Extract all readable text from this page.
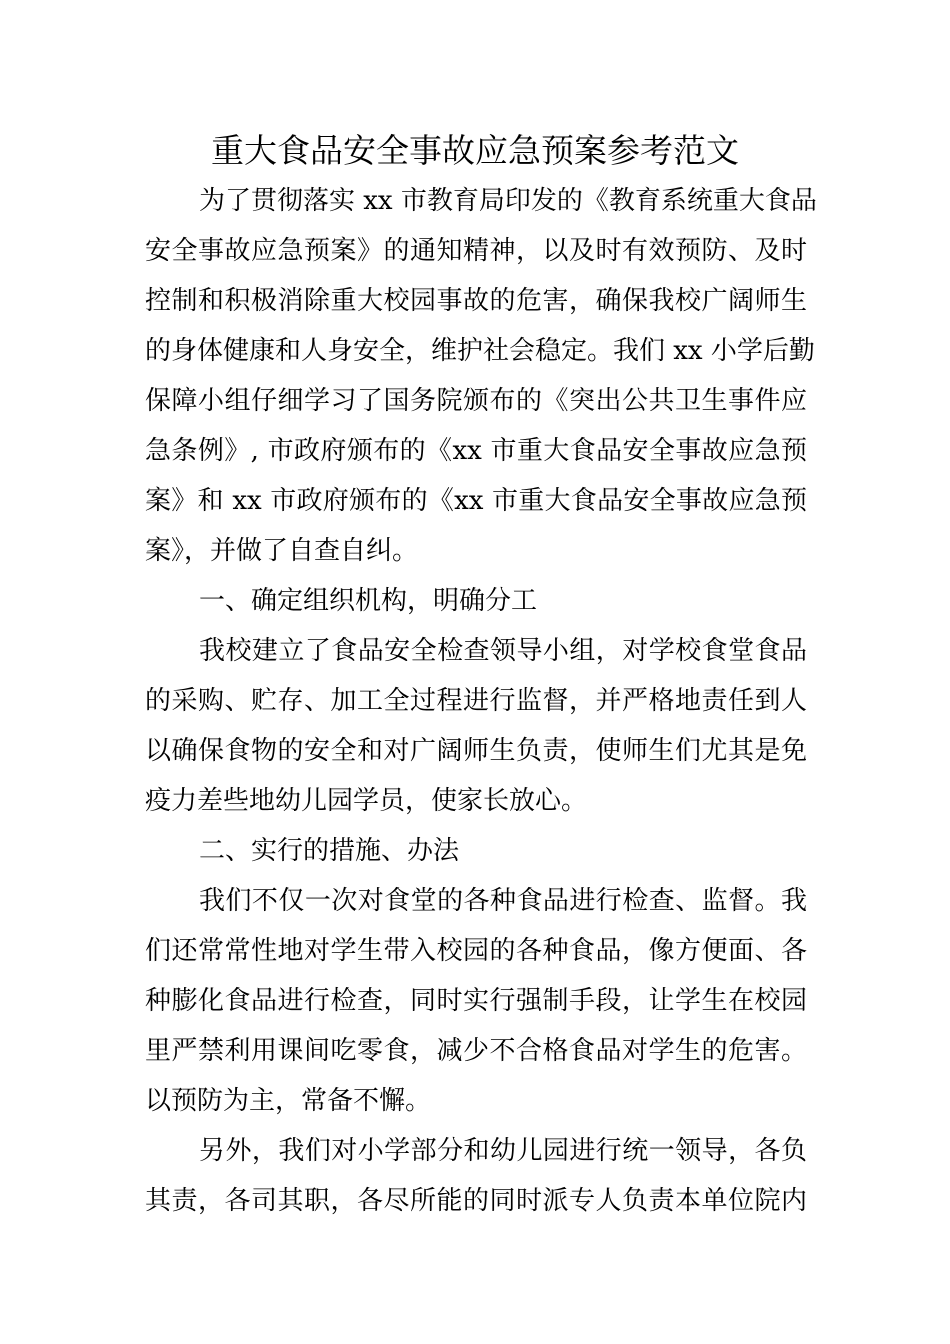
重大食品安全事故应急预案参考范文

为了贯彻落实 xx 市教育局印发的《教育系统重大食品

安全事故应急预案》的通知精神，以及时有效预防、及时

控制和积极消除重大校园事故的危害，确保我校广阔师生

的身体健康和人身安全，维护社会稳定。我们 xx 小学后勤

保障小组仔细学习了国务院颁布的《突出公共卫生事件应

急条例》, 市政府颁布的《xx 市重大食品安全事故应急预

案》和 xx 市政府颁布的《xx 市重大食品安全事故应急预

案》，并做了自查自纠。

一、确定组织机构，明确分工

我校建立了食品安全检查领导小组，对学校食堂食品

的采购、贮存、加工全过程进行监督，并严格地责任到人

以确保食物的安全和对广阔师生负责，使师生们尤其是免

疫力差些地幼儿园学员，使家长放心。

二、实行的措施、办法

我们不仅一次对食堂的各种食品进行检查、监督。我

们还常常性地对学生带入校园的各种食品，像方便面、各

种膨化食品进行检查，同时实行强制手段，让学生在校园

里严禁利用课间吃零食，减少不合格食品对学生的危害。

以预防为主，常备不懈。

另外，我们对小学部分和幼儿园进行统一领导，各负

其责，各司其职，各尽所能的同时派专人负责本单位院内
